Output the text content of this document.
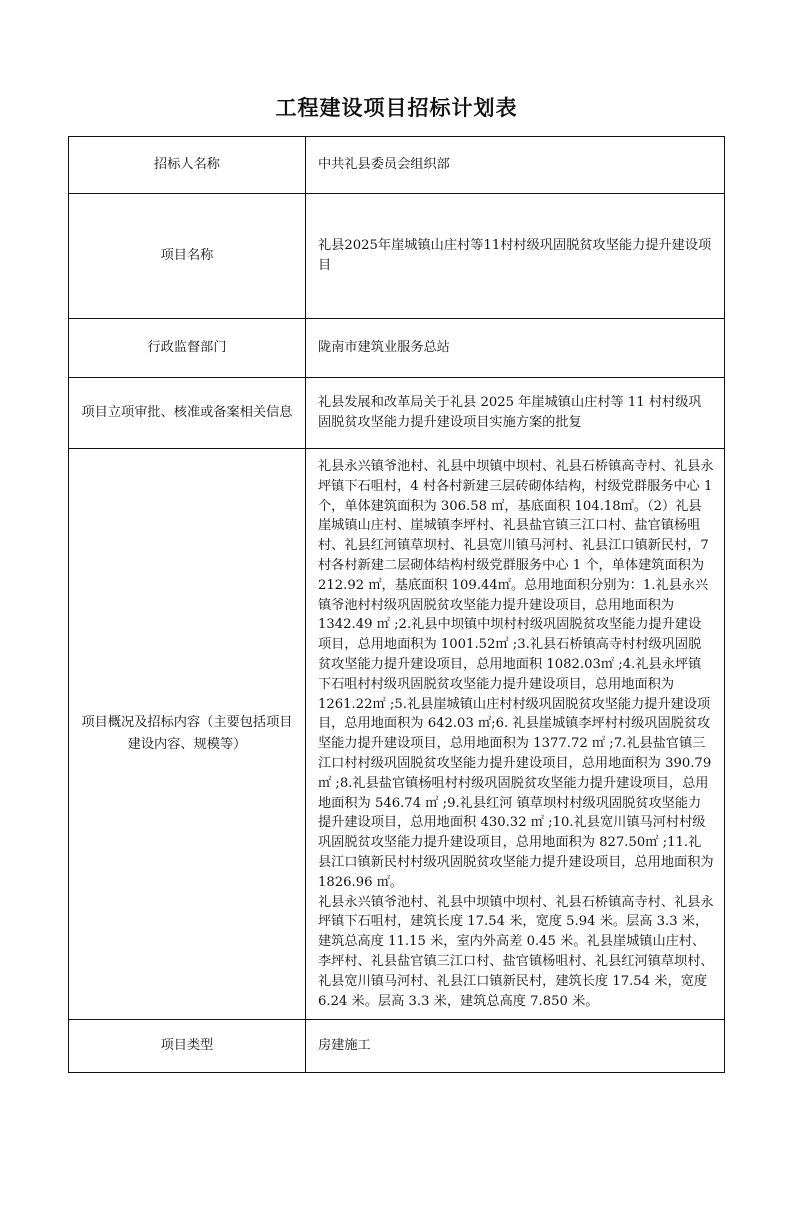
工程建设项目招标计划表
招标人名称	中共礼县委员会组织部
项目名称	礼县2025年崖城镇山庄村等11村村级巩固脱贫攻坚能力提升建设项目
行政监督部门	陇南市建筑业服务总站
项目立项审批、核准或备案相关信息	礼县发展和改革局关于礼县 2025 年崖城镇山庄村等 11 村村级巩固脱贫攻坚能力提升建设项目实施方案的批复
项目概况及招标内容（主要包括项目建设内容、规模等）	礼县永兴镇爷池村、礼县中坝镇中坝村、礼县石桥镇高寺村、礼县永坪镇下石咀村，4 村各村新建三层砖砌体结构，村级党群服务中心 1 个，单体建筑面积为 306.58 ㎡，基底面积 104.18㎡。（2）礼县崖城镇山庄村、崖城镇李坪村、礼县盐官镇三江口村、盐官镇杨咀村、礼县红河镇草坝村、礼县宽川镇马河村、礼县江口镇新民村，7 村各村新建二层砌体结构村级党群服务中心 1 个，单体建筑面积为 212.92 ㎡，基底面积 109.44㎡。总用地面积分别为：1.礼县永兴镇爷池村村级巩固脱贫攻坚能力提升建设项目，总用地面积为 1342.49 ㎡ ;2.礼县中坝镇中坝村村级巩固脱贫攻坚能力提升建设项目，总用地面积为 1001.52㎡ ;3.礼县石桥镇高寺村村级巩固脱贫攻坚能力提升建设项目，总用地面积 1082.03㎡ ;4.礼县永坪镇下石咀村村级巩固脱贫攻坚能力提升建设项目，总用地面积为 1261.22㎡ ;5.礼县崖城镇山庄村村级巩固脱贫攻坚能力提升建设项目，总用地面积为 642.03 ㎡;6. 礼县崖城镇李坪村村级巩固脱贫攻坚能力提升建设项目，总用地面积为 1377.72 ㎡ ;7.礼县盐官镇三江口村村级巩固脱贫攻坚能力提升建设项目，总用地面积为 390.79 ㎡ ;8.礼县盐官镇杨咀村村级巩固脱贫攻坚能力提升建设项目，总用地面积为 546.74 ㎡ ;9.礼县红河 镇草坝村村级巩固脱贫攻坚能力提升建设项目，总用地面积 430.32 ㎡ ;10.礼县宽川镇马河村村级巩固脱贫攻坚能力提升建设项目，总用地面积为 827.50㎡ ;11.礼县江口镇新民村村级巩固脱贫攻坚能力提升建设项目，总用地面积为 1826.96 ㎡。

礼县永兴镇爷池村、礼县中坝镇中坝村、礼县石桥镇高寺村、礼县永坪镇下石咀村，建筑长度 17.54 米，宽度 5.94 米。层高 3.3 米，建筑总高度 11.15 米，室内外高差 0.45 米。礼县崖城镇山庄村、李坪村、礼县盐官镇三江口村、盐官镇杨咀村、礼县红河镇草坝村、礼县宽川镇马河村、礼县江口镇新民村，建筑长度 17.54 米，宽度 6.24 米。层高 3.3 米，建筑总高度 7.850 米。

项目类型	房建施工
